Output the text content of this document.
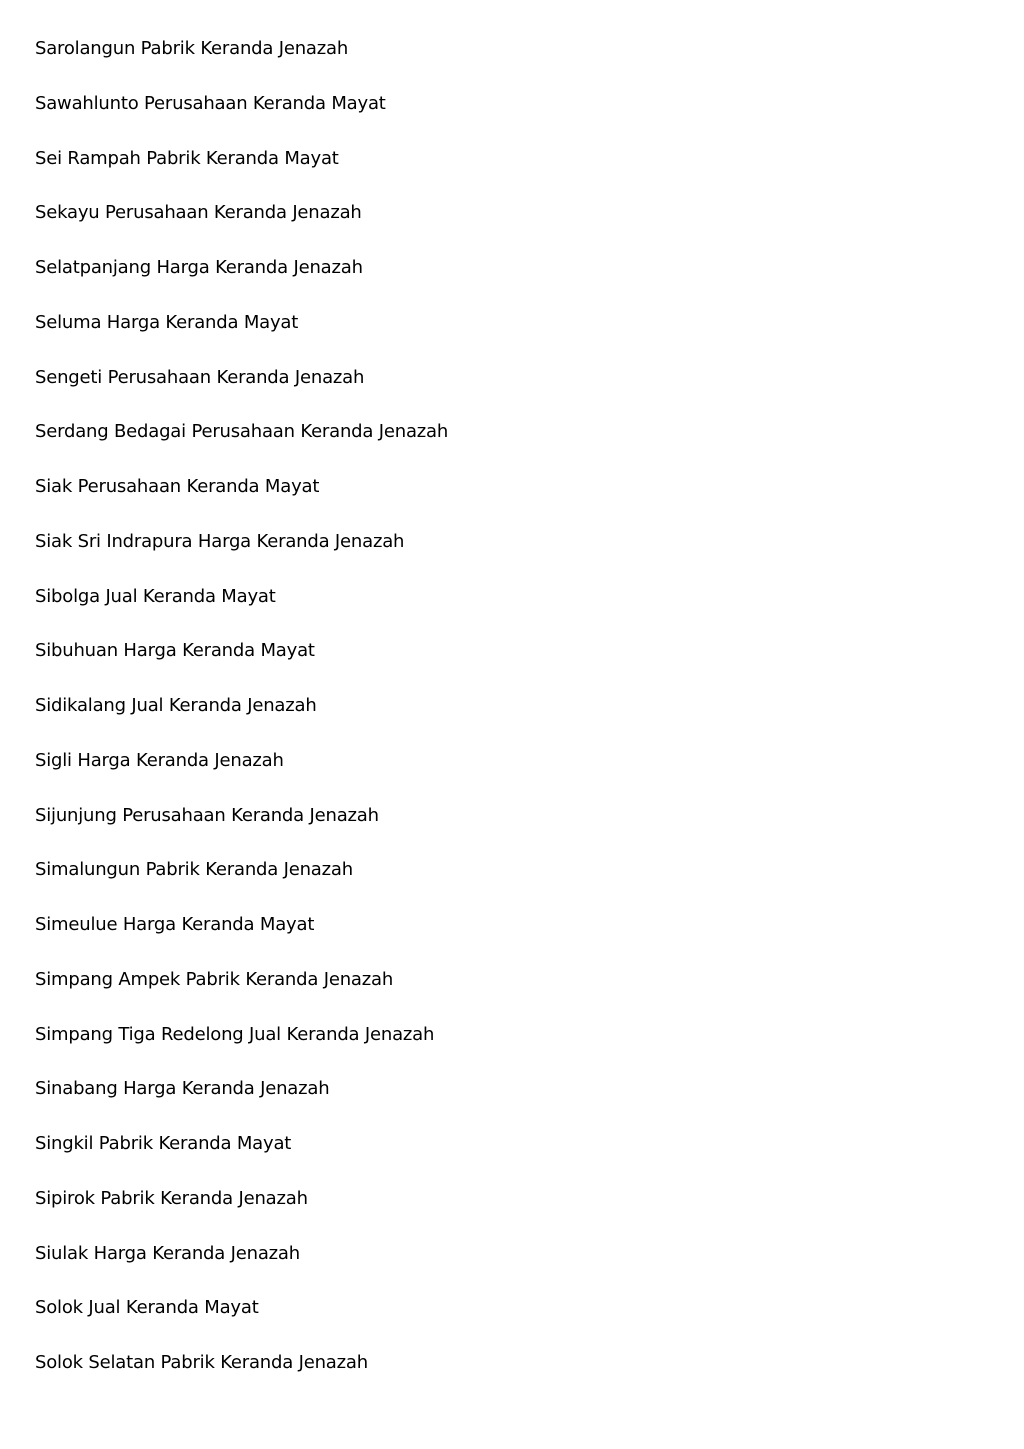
Sarolangun Pabrik Keranda Jenazah
Sawahlunto Perusahaan Keranda Mayat
Sei Rampah Pabrik Keranda Mayat
Sekayu Perusahaan Keranda Jenazah
Selatpanjang Harga Keranda Jenazah
Seluma Harga Keranda Mayat
Sengeti Perusahaan Keranda Jenazah
Serdang Bedagai Perusahaan Keranda Jenazah
Siak Perusahaan Keranda Mayat
Siak Sri Indrapura Harga Keranda Jenazah
Sibolga Jual Keranda Mayat
Sibuhuan Harga Keranda Mayat
Sidikalang Jual Keranda Jenazah
Sigli Harga Keranda Jenazah
Sijunjung Perusahaan Keranda Jenazah
Simalungun Pabrik Keranda Jenazah
Simeulue Harga Keranda Mayat
Simpang Ampek Pabrik Keranda Jenazah
Simpang Tiga Redelong Jual Keranda Jenazah
Sinabang Harga Keranda Jenazah
Singkil Pabrik Keranda Mayat
Sipirok Pabrik Keranda Jenazah
Siulak Harga Keranda Jenazah
Solok Jual Keranda Mayat
Solok Selatan Pabrik Keranda Jenazah
